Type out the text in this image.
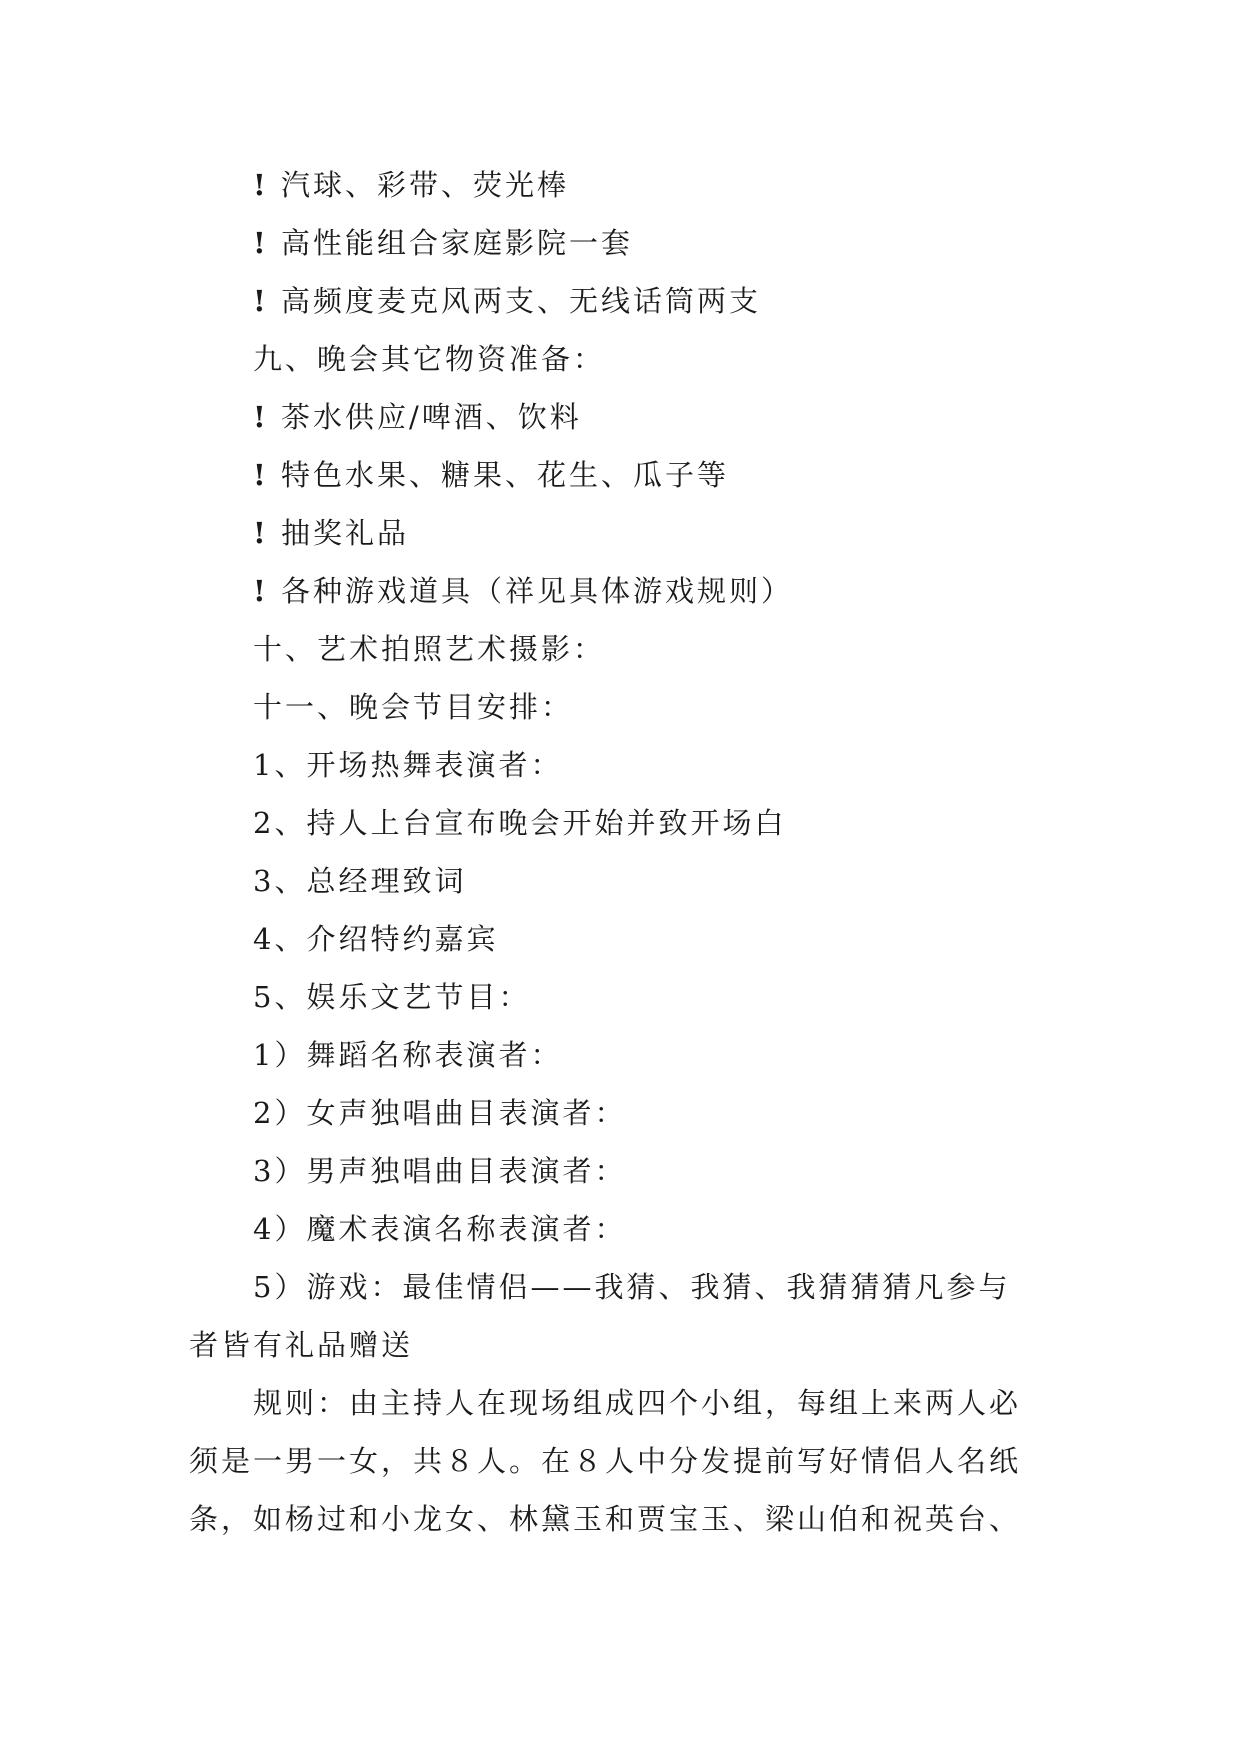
! 汽球、彩带、荧光棒
! 高性能组合家庭影院一套
! 高频度麦克风两支、无线话筒两支
九、晚会其它物资准备：
! 茶水供应/啤酒、饮料
! 特色水果、糖果、花生、瓜子等
! 抽奖礼品
! 各种游戏道具（祥见具体游戏规则）
十、艺术拍照艺术摄影：
十一、晚会节目安排：
1、开场热舞表演者：
2、持人上台宣布晚会开始并致开场白
3、总经理致词
4、介绍特约嘉宾
5、娱乐文艺节目：
1）舞蹈名称表演者：
2）女声独唱曲目表演者：
3）男声独唱曲目表演者：
4）魔术表演名称表演者：
5）游戏：最佳情侣——我猜、我猜、我猜猜猜凡参与
者皆有礼品赠送
规则：由主持人在现场组成四个小组，每组上来两人必
须是一男一女，共８人。在８人中分发提前写好情侣人名纸
条，如杨过和小龙女、林黛玉和贾宝玉、梁山伯和祝英台、
